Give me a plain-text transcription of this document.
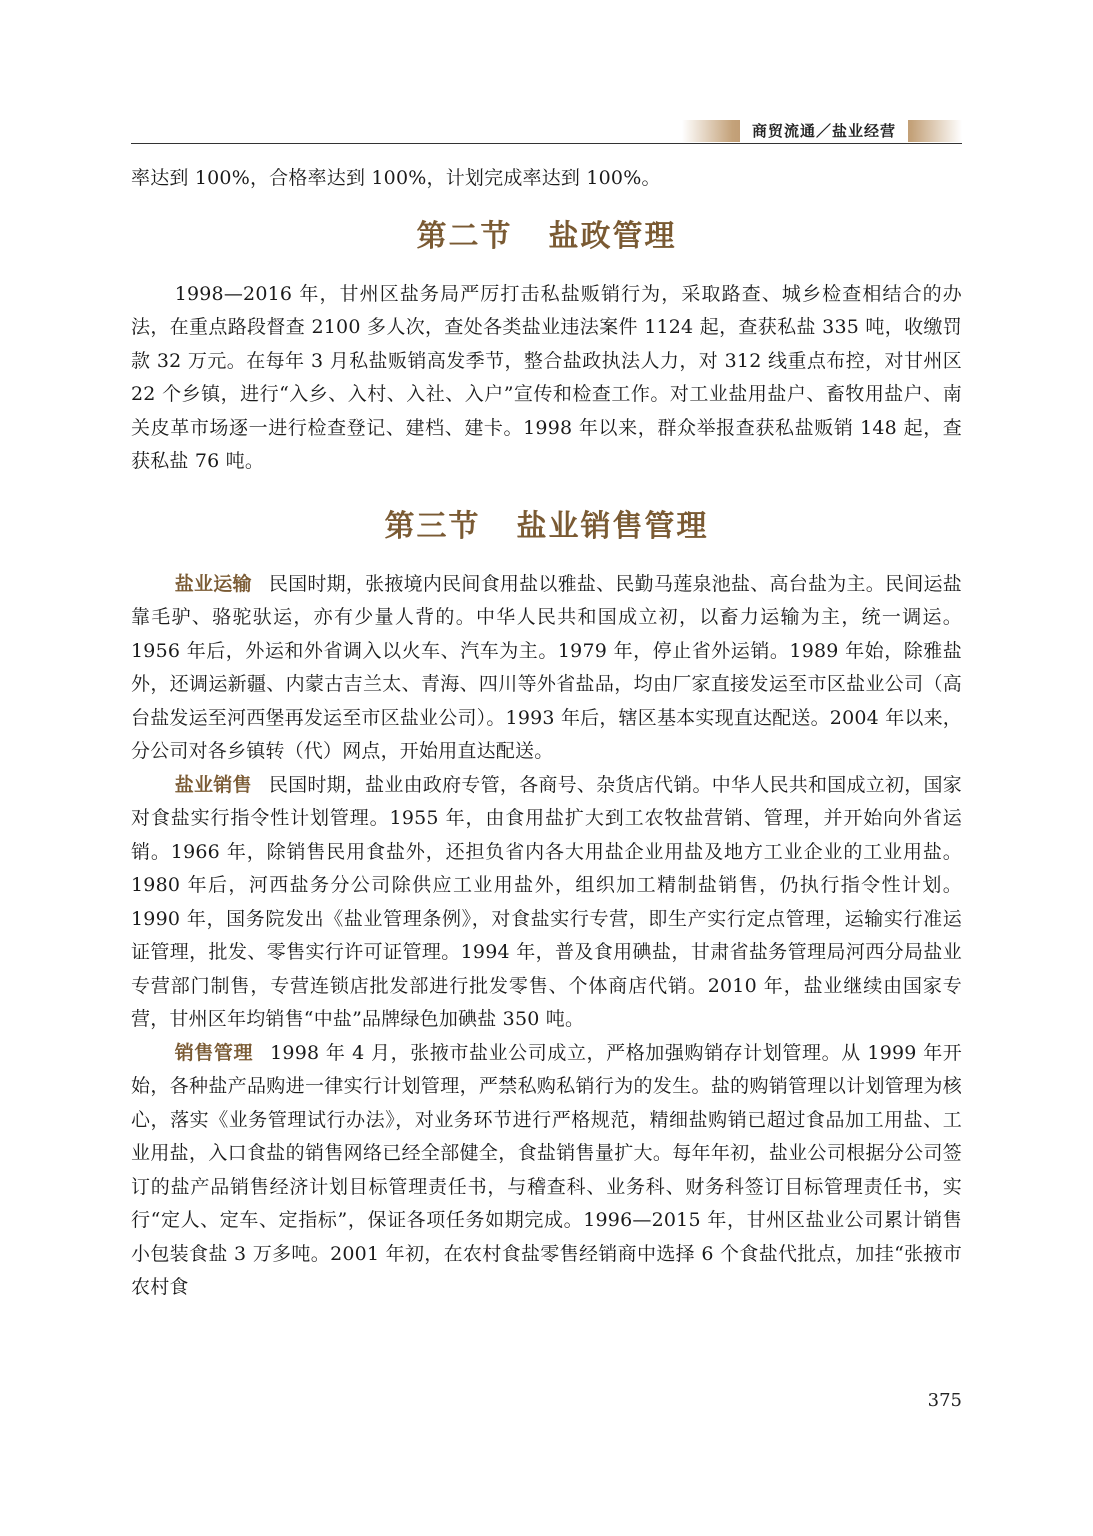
商贸流通／盐业经营

率达到 100%，合格率达到 100%，计划完成率达到 100%。

第二节 盐政管理

1998—2016 年，甘州区盐务局严厉打击私盐贩销行为，采取路查、城乡检查相结合的办法，在重点路段督查 2100 多人次，查处各类盐业违法案件 1124 起，查获私盐 335 吨，收缴罚款 32 万元。在每年 3 月私盐贩销高发季节，整合盐政执法人力，对 312 线重点布控，对甘州区 22 个乡镇，进行“入乡、入村、入社、入户”宣传和检查工作。对工业盐用盐户、畜牧用盐户、南关皮革市场逐一进行检查登记、建档、建卡。1998 年以来，群众举报查获私盐贩销 148 起，查获私盐 76 吨。

第三节 盐业销售管理

盐业运输 民国时期，张掖境内民间食用盐以雅盐、民勤马莲泉池盐、高台盐为主。民间运盐靠毛驴、骆驼驮运，亦有少量人背的。中华人民共和国成立初，以畜力运输为主，统一调运。1956 年后，外运和外省调入以火车、汽车为主。1979 年，停止省外运销。1989 年始，除雅盐外，还调运新疆、内蒙古吉兰太、青海、四川等外省盐品，均由厂家直接发运至市区盐业公司（高台盐发运至河西堡再发运至市区盐业公司）。1993 年后，辖区基本实现直达配送。2004 年以来，分公司对各乡镇转（代）网点，开始用直达配送。

盐业销售 民国时期，盐业由政府专管，各商号、杂货店代销。中华人民共和国成立初，国家对食盐实行指令性计划管理。1955 年，由食用盐扩大到工农牧盐营销、管理，并开始向外省运销。1966 年，除销售民用食盐外，还担负省内各大用盐企业用盐及地方工业企业的工业用盐。1980 年后，河西盐务分公司除供应工业用盐外，组织加工精制盐销售，仍执行指令性计划。1990 年，国务院发出《盐业管理条例》，对食盐实行专营，即生产实行定点管理，运输实行准运证管理，批发、零售实行许可证管理。1994 年，普及食用碘盐，甘肃省盐务管理局河西分局盐业专营部门制售，专营连锁店批发部进行批发零售、个体商店代销。2010 年，盐业继续由国家专营，甘州区年均销售“中盐”品牌绿色加碘盐 350 吨。

销售管理 1998 年 4 月，张掖市盐业公司成立，严格加强购销存计划管理。从 1999 年开始，各种盐产品购进一律实行计划管理，严禁私购私销行为的发生。盐的购销管理以计划管理为核心，落实《业务管理试行办法》，对业务环节进行严格规范，精细盐购销已超过食品加工用盐、工业用盐，入口食盐的销售网络已经全部健全，食盐销售量扩大。每年年初，盐业公司根据分公司签订的盐产品销售经济计划目标管理责任书，与稽查科、业务科、财务科签订目标管理责任书，实行“定人、定车、定指标”，保证各项任务如期完成。1996—2015 年，甘州区盐业公司累计销售小包装食盐 3 万多吨。2001 年初，在农村食盐零售经销商中选择 6 个食盐代批点，加挂“张掖市农村食

375
